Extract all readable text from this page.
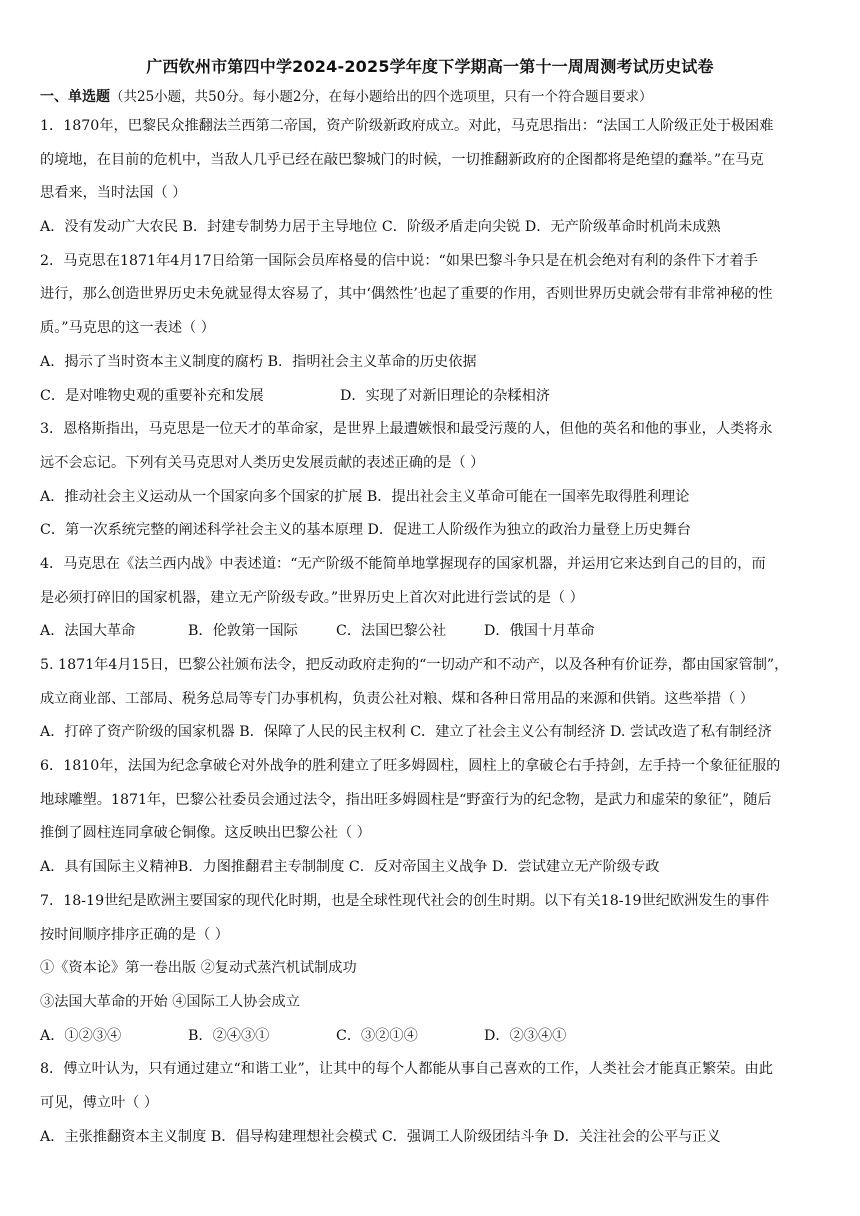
广西钦州市第四中学2024-2025学年度下学期高一第十一周周测考试历史试卷
一、单选题（共25小题，共50分。每小题2分，在每小题给出的四个选项里，只有一个符合题目要求）
1．1870年，巴黎民众推翻法兰西第二帝国，资产阶级新政府成立。对此，马克思指出：“法国工人阶级正处于极困难
的境地，在目前的危机中，当敌人几乎已经在敲巴黎城门的时候，一切推翻新政府的企图都将是绝望的蠢举。”在马克
思看来，当时法国（ ）
A．没有发动广大农民 B．封建专制势力居于主导地位 C．阶级矛盾走向尖锐 D．无产阶级革命时机尚未成熟
2．马克思在1871年4月17日给第一国际会员库格曼的信中说：“如果巴黎斗争只是在机会绝对有利的条件下才着手
进行，那么创造世界历史未免就显得太容易了，其中‘偶然性’也起了重要的作用，否则世界历史就会带有非常神秘的性
质。”马克思的这一表述（ ）
A．揭示了当时资本主义制度的腐朽 B．指明社会主义革命的历史依据
C．是对唯物史观的重要补充和发展	D．实现了对新旧理论的杂糅相济
3．恩格斯指出，马克思是一位天才的革命家，是世界上最遭嫉恨和最受污蔑的人，但他的英名和他的事业，人类将永
远不会忘记。下列有关马克思对人类历史发展贡献的表述正确的是（ ）
A．推动社会主义运动从一个国家向多个国家的扩展 B．提出社会主义革命可能在一国率先取得胜利理论
C．第一次系统完整的阐述科学社会主义的基本原理 D．促进工人阶级作为独立的政治力量登上历史舞台
4．马克思在《法兰西内战》中表述道：“无产阶级不能简单地掌握现存的国家机器，并运用它来达到自己的目的，而
是必须打碎旧的国家机器，建立无产阶级专政。”世界历史上首次对此进行尝试的是（ ）
A．法国大革命	B．伦敦第一国际	C．法国巴黎公社	D．俄国十月革命
5. 1871年4月15日，巴黎公社颁布法令，把反动政府走狗的“一切动产和不动产，以及各种有价证券，都由国家管制”，
成立商业部、工部局、税务总局等专门办事机构，负责公社对粮、煤和各种日常用品的来源和供销。这些举措（ ）
A．打碎了资产阶级的国家机器 B．保障了人民的民主权利 C．建立了社会主义公有制经济 D. 尝试改造了私有制经济
6．1810年，法国为纪念拿破仑对外战争的胜利建立了旺多姆圆柱，圆柱上的拿破仑右手持剑，左手持一个象征征服的
地球雕塑。1871年，巴黎公社委员会通过法令，指出旺多姆圆柱是“野蛮行为的纪念物，是武力和虚荣的象征”，随后
推倒了圆柱连同拿破仑铜像。这反映出巴黎公社（ ）
A．具有国际主义精神B．力图推翻君主专制制度 C．反对帝国主义战争 D．尝试建立无产阶级专政
7．18-19世纪是欧洲主要国家的现代化时期，也是全球性现代社会的创生时期。以下有关18-19世纪欧洲发生的事件
按时间顺序排序正确的是（ ）
①《资本论》第一卷出版 ②复动式蒸汽机试制成功
③法国大革命的开始 ④国际工人协会成立
A．①②③④	B．②④③①	C．③②①④	D．②③④①
8．傅立叶认为，只有通过建立“和谐工业”，让其中的每个人都能从事自己喜欢的工作，人类社会才能真正繁荣。由此
可见，傅立叶（ ）
A．主张推翻资本主义制度 B．倡导构建理想社会模式 C．强调工人阶级团结斗争 D．关注社会的公平与正义
